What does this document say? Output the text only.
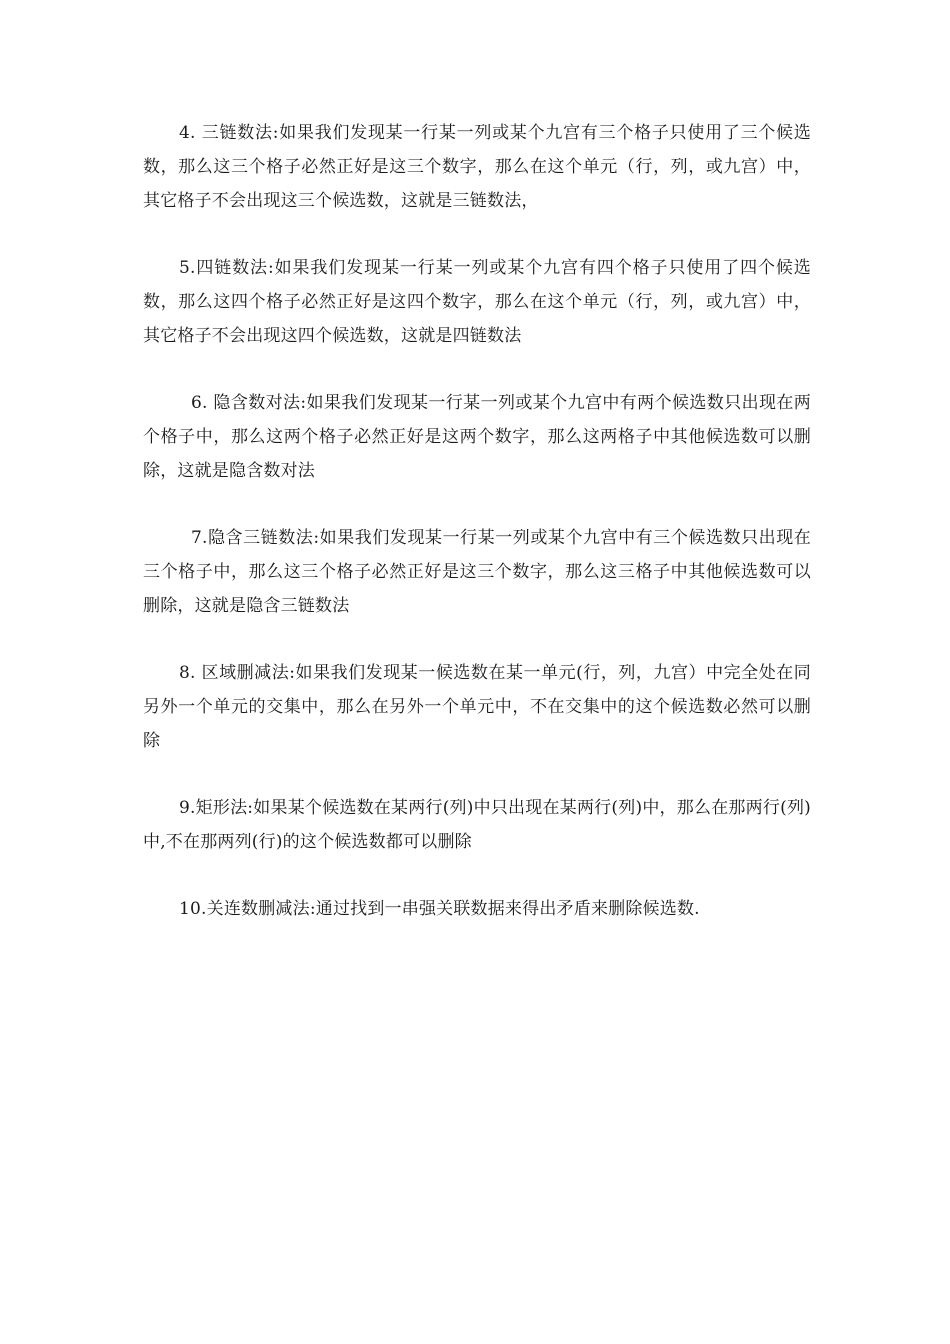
4. 三链数法:如果我们发现某一行某一列或某个九宫有三个格子只使用了三个候选数，那么这三个格子必然正好是这三个数字，那么在这个单元（行，列，或九宫）中，其它格子不会出现这三个候选数，这就是三链数法，

5.四链数法:如果我们发现某一行某一列或某个九宫有四个格子只使用了四个候选数，那么这四个格子必然正好是这四个数字，那么在这个单元（行，列，或九宫）中，其它格子不会出现这四个候选数，这就是四链数法

6. 隐含数对法:如果我们发现某一行某一列或某个九宫中有两个候选数只出现在两个格子中，那么这两个格子必然正好是这两个数字，那么这两格子中其他候选数可以删除，这就是隐含数对法

7.隐含三链数法:如果我们发现某一行某一列或某个九宫中有三个候选数只出现在三个格子中，那么这三个格子必然正好是这三个数字，那么这三格子中其他候选数可以删除，这就是隐含三链数法

8. 区域删减法:如果我们发现某一候选数在某一单元(行，列，九宫）中完全处在同另外一个单元的交集中，那么在另外一个单元中，不在交集中的这个候选数必然可以删除

9.矩形法:如果某个候选数在某两行(列)中只出现在某两行(列)中，那么在那两行(列)中,不在那两列(行)的这个候选数都可以删除

10.关连数删减法:通过找到一串强关联数据来得出矛盾来删除候选数.
